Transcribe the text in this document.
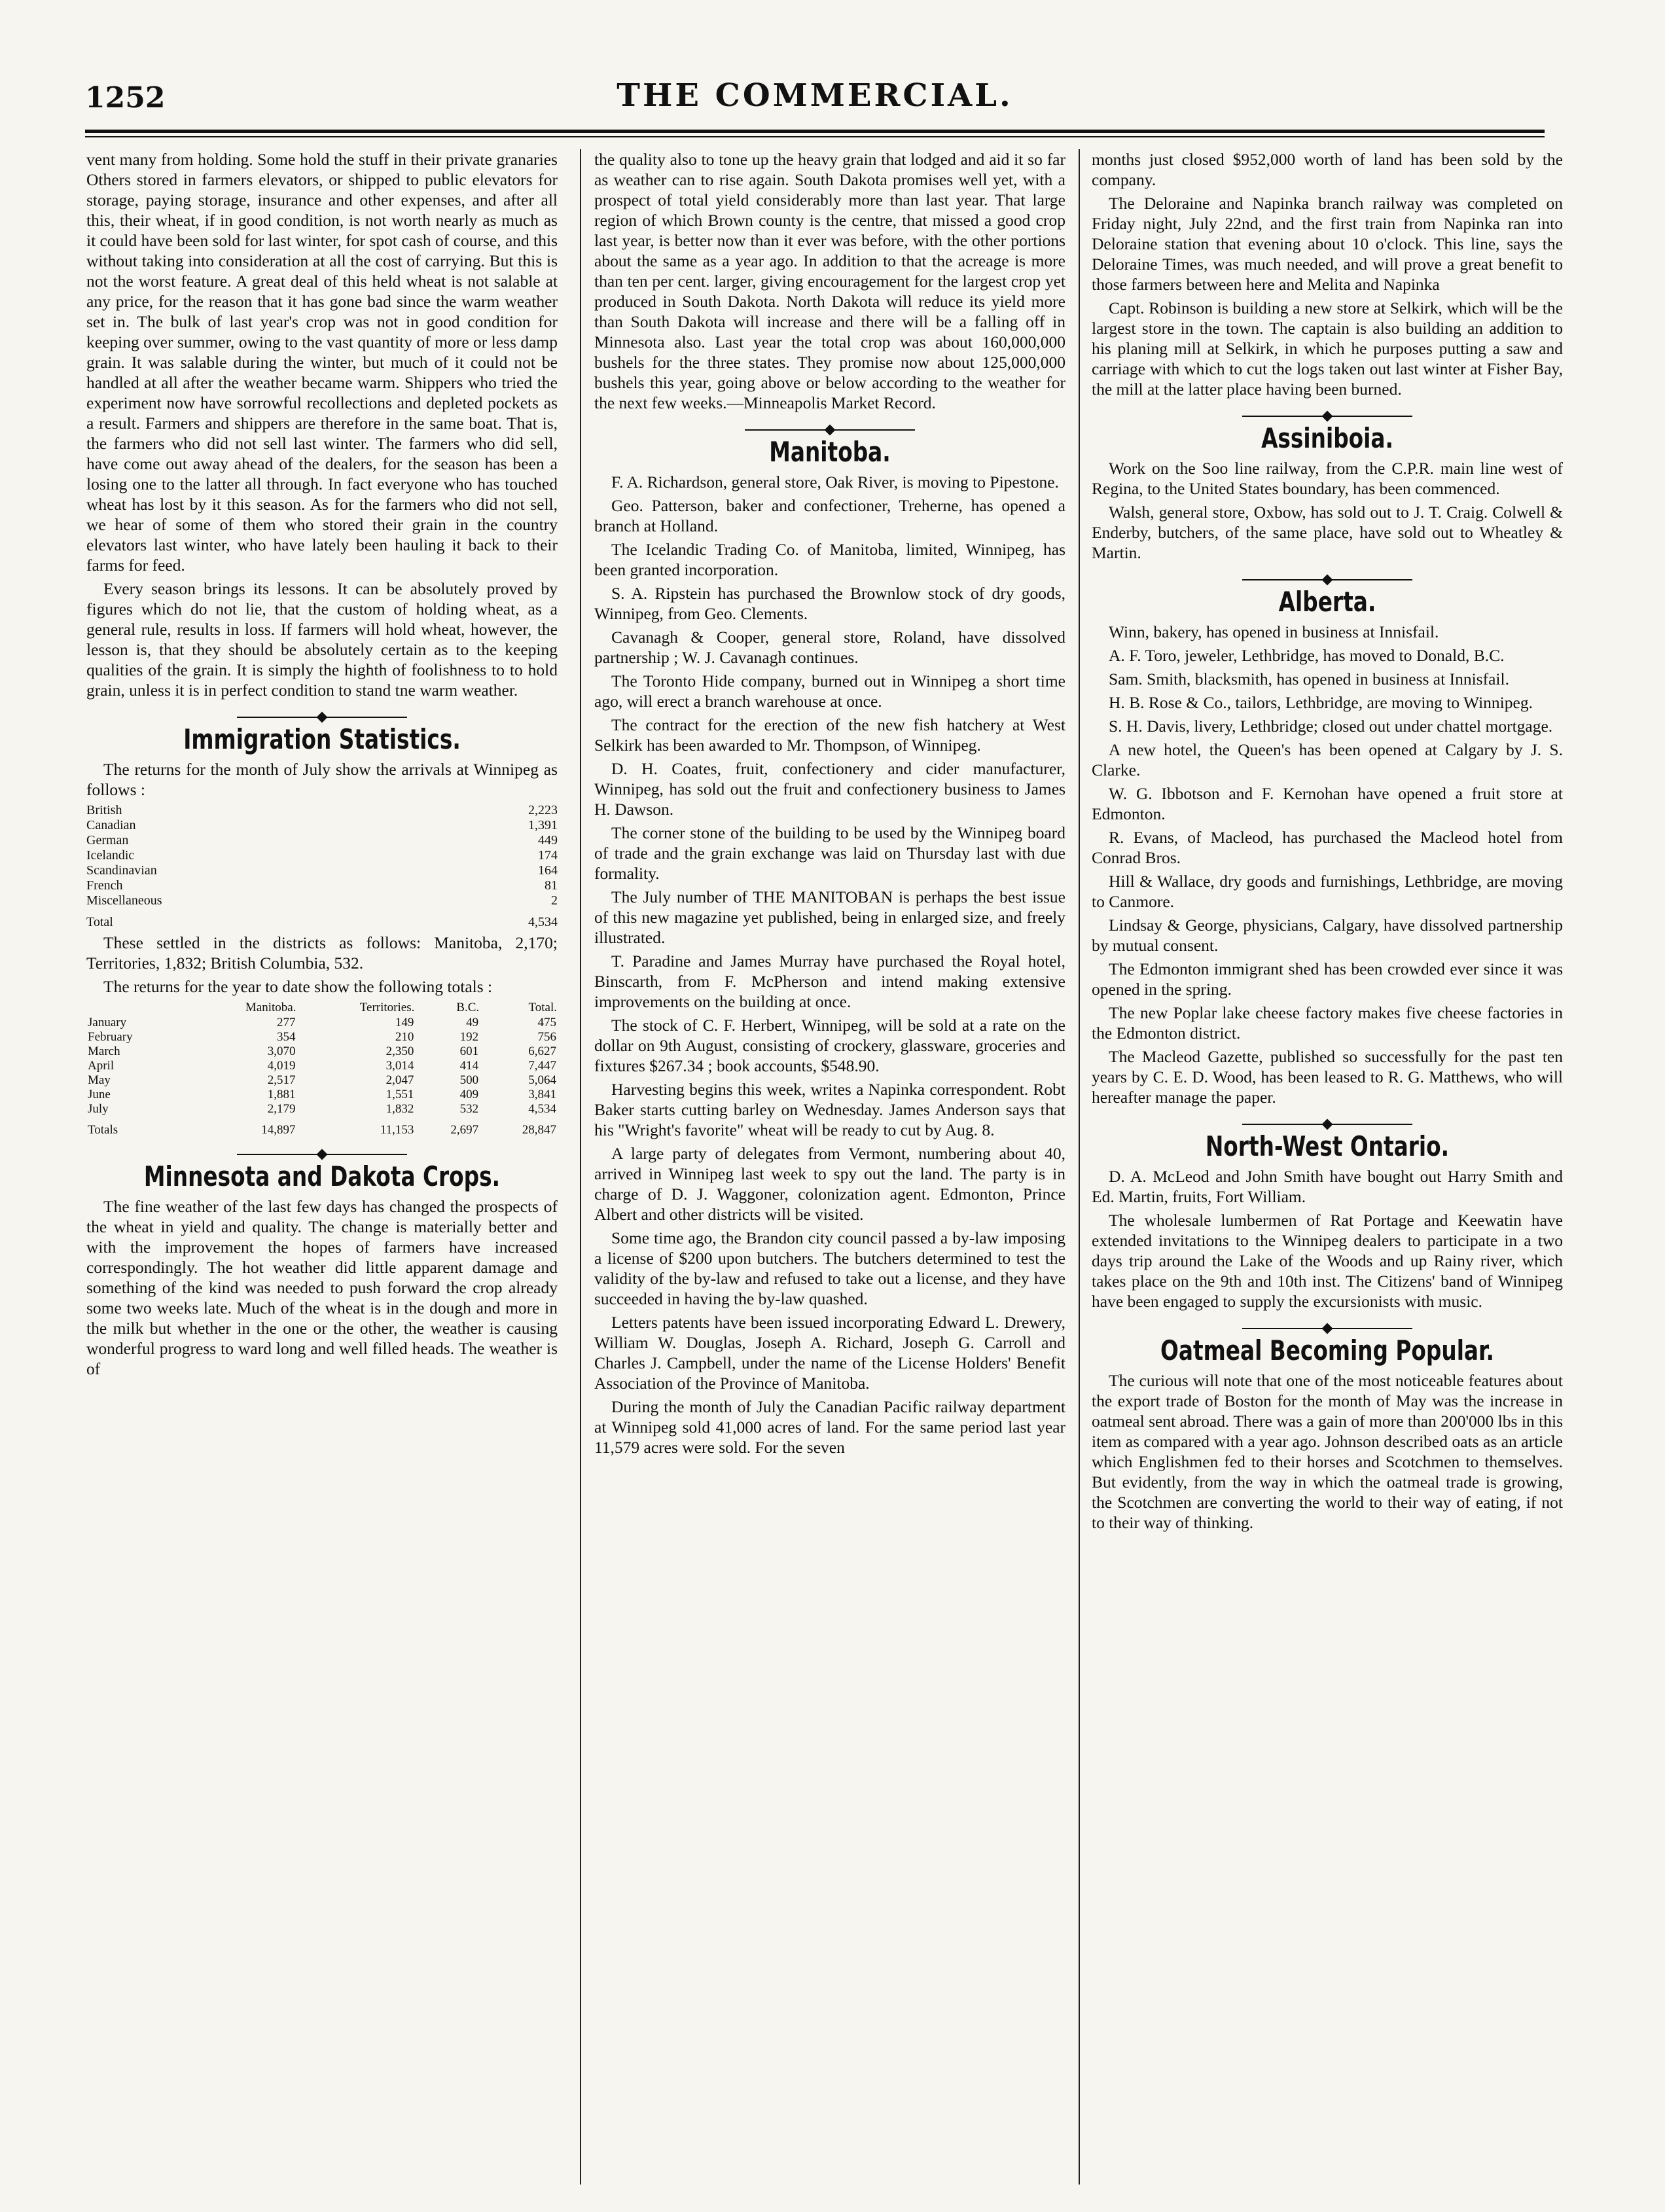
1252	THE COMMERCIAL.

vent many from holding. Some hold the stuff in their private granaries Others stored in farmers elevators, or shipped to public elevators for storage, paying storage, insurance and other expenses, and after all this, their wheat, if in good condition, is not worth nearly as much as it could have been sold for last winter, for spot cash of course, and this without taking into consideration at all the cost of carrying. But this is not the worst feature. A great deal of this held wheat is not salable at any price, for the reason that it has gone bad since the warm weather set in. The bulk of last year's crop was not in good condition for keeping over summer, owing to the vast quantity of more or less damp grain. It was salable during the winter, but much of it could not be handled at all after the weather became warm. Shippers who tried the experiment now have sorrowful recollections and depleted pockets as a result. Farmers and shippers are therefore in the same boat. That is, the farmers who did not sell last winter. The farmers who did sell, have come out away ahead of the dealers, for the season has been a losing one to the latter all through. In fact everyone who has touched wheat has lost by it this season. As for the farmers who did not sell, we hear of some of them who stored their grain in the country elevators last winter, who have lately been hauling it back to their farms for feed.

Every season brings its lessons. It can be absolutely proved by figures which do not lie, that the custom of holding wheat, as a general rule, results in loss. If farmers will hold wheat, however, the lesson is, that they should be absolutely certain as to the keeping qualities of the grain. It is simply the highth of foolishness to to hold grain, unless it is in perfect condition to stand tne warm weather.

Immigration Statistics.

The returns for the month of July show the arrivals at Winnipeg as follows :

British	2,223
Canadian	1,391
German	449
Icelandic	174
Scandinavian	164
French	81
Miscellaneous	2
Total	4,534

These settled in the districts as follows: Manitoba, 2,170; Territories, 1,832; British Columbia, 532.

The returns for the year to date show the following totals :

	Manitoba.	Territories.	B.C.	Total.
January	277	149	49	475
February	354	210	192	756
March	3,070	2,350	601	6,627
April	4,019	3,014	414	7,447
May	2,517	2,047	500	5,064
June	1,881	1,551	409	3,841
July	2,179	1,832	532	4,534
Totals	14,897	11,153	2,697	28,847
Minnesota and Dakota Crops.

The fine weather of the last few days has changed the prospects of the wheat in yield and quality. The change is materially better and with the improvement the hopes of farmers have increased correspondingly. The hot weather did little apparent damage and something of the kind was needed to push forward the crop already some two weeks late. Much of the wheat is in the dough and more in the milk but whether in the one or the other, the weather is causing wonderful progress to ward long and well filled heads. The weather is of

the quality also to tone up the heavy grain that lodged and aid it so far as weather can to rise again. South Dakota promises well yet, with a prospect of total yield considerably more than last year. That large region of which Brown county is the centre, that missed a good crop last year, is better now than it ever was before, with the other portions about the same as a year ago. In addition to that the acreage is more than ten per cent. larger, giving encouragement for the largest crop yet produced in South Dakota. North Dakota will reduce its yield more than South Dakota will increase and there will be a falling off in Minnesota also. Last year the total crop was about 160,000,000 bushels for the three states. They promise now about 125,000,000 bushels this year, going above or below according to the weather for the next few weeks.—Minneapolis Market Record.

Manitoba.

F. A. Richardson, general store, Oak River, is moving to Pipestone.

Geo. Patterson, baker and confectioner, Treherne, has opened a branch at Holland.

The Icelandic Trading Co. of Manitoba, limited, Winnipeg, has been granted incorporation.

S. A. Ripstein has purchased the Brownlow stock of dry goods, Winnipeg, from Geo. Clements.

Cavanagh & Cooper, general store, Roland, have dissolved partnership ; W. J. Cavanagh continues.

The Toronto Hide company, burned out in Winnipeg a short time ago, will erect a branch warehouse at once.

The contract for the erection of the new fish hatchery at West Selkirk has been awarded to Mr. Thompson, of Winnipeg.

D. H. Coates, fruit, confectionery and cider manufacturer, Winnipeg, has sold out the fruit and confectionery business to James H. Dawson.

The corner stone of the building to be used by the Winnipeg board of trade and the grain exchange was laid on Thursday last with due formality.

The July number of THE MANITOBAN is perhaps the best issue of this new magazine yet published, being in enlarged size, and freely illustrated.

T. Paradine and James Murray have purchased the Royal hotel, Binscarth, from F. McPherson and intend making extensive improvements on the building at once.

The stock of C. F. Herbert, Winnipeg, will be sold at a rate on the dollar on 9th August, consisting of crockery, glassware, groceries and fixtures $267.34 ; book accounts, $548.90.

Harvesting begins this week, writes a Napinka correspondent. Robt Baker starts cutting barley on Wednesday. James Anderson says that his "Wright's favorite" wheat will be ready to cut by Aug. 8.

A large party of delegates from Vermont, numbering about 40, arrived in Winnipeg last week to spy out the land. The party is in charge of D. J. Waggoner, colonization agent. Edmonton, Prince Albert and other districts will be visited.

Some time ago, the Brandon city council passed a by-law imposing a license of $200 upon butchers. The butchers determined to test the validity of the by-law and refused to take out a license, and they have succeeded in having the by-law quashed.

Letters patents have been issued incorporating Edward L. Drewery, William W. Douglas, Joseph A. Richard, Joseph G. Carroll and Charles J. Campbell, under the name of the License Holders' Benefit Association of the Province of Manitoba.

During the month of July the Canadian Pacific railway department at Winnipeg sold 41,000 acres of land. For the same period last year 11,579 acres were sold. For the seven

months just closed $952,000 worth of land has been sold by the company.

The Deloraine and Napinka branch railway was completed on Friday night, July 22nd, and the first train from Napinka ran into Deloraine station that evening about 10 o'clock. This line, says the Deloraine Times, was much needed, and will prove a great benefit to those farmers between here and Melita and Napinka

Capt. Robinson is building a new store at Selkirk, which will be the largest store in the town. The captain is also building an addition to his planing mill at Selkirk, in which he purposes putting a saw and carriage with which to cut the logs taken out last winter at Fisher Bay, the mill at the latter place having been burned.

Assiniboia.

Work on the Soo line railway, from the C.P.R. main line west of Regina, to the United States boundary, has been commenced.

Walsh, general store, Oxbow, has sold out to J. T. Craig. Colwell & Enderby, butchers, of the same place, have sold out to Wheatley & Martin.

Alberta.

Winn, bakery, has opened in business at Innisfail.

A. F. Toro, jeweler, Lethbridge, has moved to Donald, B.C.

Sam. Smith, blacksmith, has opened in business at Innisfail.

H. B. Rose & Co., tailors, Lethbridge, are moving to Winnipeg.

S. H. Davis, livery, Lethbridge; closed out under chattel mortgage.

A new hotel, the Queen's has been opened at Calgary by J. S. Clarke.

W. G. Ibbotson and F. Kernohan have opened a fruit store at Edmonton.

R. Evans, of Macleod, has purchased the Macleod hotel from Conrad Bros.

Hill & Wallace, dry goods and furnishings, Lethbridge, are moving to Canmore.

Lindsay & George, physicians, Calgary, have dissolved partnership by mutual consent.

The Edmonton immigrant shed has been crowded ever since it was opened in the spring.

The new Poplar lake cheese factory makes five cheese factories in the Edmonton district.

The Macleod Gazette, published so successfully for the past ten years by C. E. D. Wood, has been leased to R. G. Matthews, who will hereafter manage the paper.

North-West Ontario.

D. A. McLeod and John Smith have bought out Harry Smith and Ed. Martin, fruits, Fort William.

The wholesale lumbermen of Rat Portage and Keewatin have extended invitations to the Winnipeg dealers to participate in a two days trip around the Lake of the Woods and up Rainy river, which takes place on the 9th and 10th inst. The Citizens' band of Winnipeg have been engaged to supply the excursionists with music.

Oatmeal Becoming Popular.

The curious will note that one of the most noticeable features about the export trade of Boston for the month of May was the increase in oatmeal sent abroad. There was a gain of more than 200'000 lbs in this item as compared with a year ago. Johnson described oats as an article which Englishmen fed to their horses and Scotchmen to themselves. But evidently, from the way in which the oatmeal trade is growing, the Scotchmen are converting the world to their way of eating, if not to their way of thinking.
